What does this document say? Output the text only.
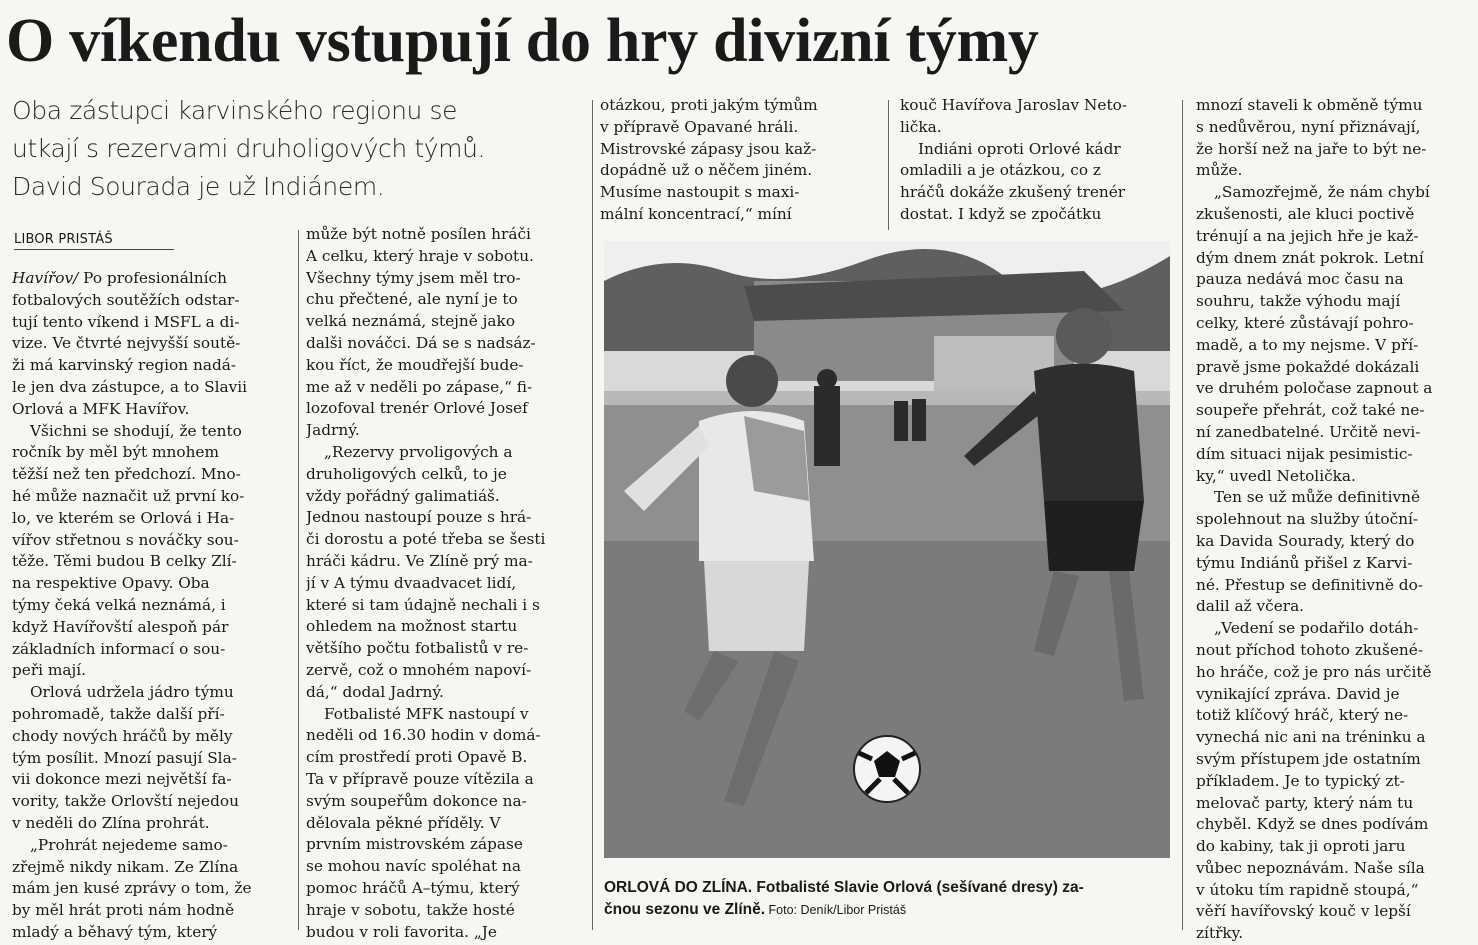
O víkendu vstupují do hry divizní týmy
Oba zástupci karvinského regionu se
utkají s rezervami druholigových týmů.
David Sourada je už Indiánem.
LIBOR PRISTÁŠ
Havířov/ Po profesionálních
fotbalových soutěžích odstar-
tují tento víkend i MSFL a di-
vize. Ve čtvrté nejvyšší soutě-
ži má karvinský region nadá-
le jen dva zástupce, a to Slavii
Orlová a MFK Havířov.
Všichni se shodují, že tento
ročník by měl být mnohem
těžší než ten předchozí. Mno-
hé může naznačit už první ko-
lo, ve kterém se Orlová i Ha-
vířov střetnou s nováčky sou-
těže. Těmi budou B celky Zlí-
na respektive Opavy. Oba
týmy čeká velká neznámá, i
když Havířovští alespoň pár
základních informací o sou-
peři mají.
Orlová udržela jádro týmu
pohromadě, takže další pří-
chody nových hráčů by měly
tým posílit. Mnozí pasují Sla-
vii dokonce mezi největší fa-
vority, takže Orlovští nejedou
v neděli do Zlína prohrát.
„Prohrát nejedeme samo-
zřejmě nikdy nikam. Ze Zlína
mám jen kusé zprávy o tom, že
by měl hrát proti nám hodně
mladý a běhavý tým, který
může být notně posílen hráči
A celku, který hraje v sobotu.
Všechny týmy jsem měl tro-
chu přečtené, ale nyní je to
velká neznámá, stejně jako
dalši nováčci. Dá se s nadsáz-
kou říct, že moudřejší bude-
me až v neděli po zápase,“ fi-
lozofoval trenér Orlové Josef
Jadrný.
„Rezervy prvoligových a
druholigových celků, to je
vždy pořádný galimatiáš.
Jednou nastoupí pouze s hrá-
či dorostu a poté třeba se šesti
hráči kádru. Ve Zlíně prý ma-
jí v A týmu dvaadvacet lidí,
které si tam údajně nechali i s
ohledem na možnost startu
většího počtu fotbalistů v re-
zervě, což o mnohém napoví-
dá,“ dodal Jadrný.
Fotbalisté MFK nastoupí v
neděli od 16.30 hodin v domá-
cím prostředí proti Opavě B.
Ta v přípravě pouze vítězila a
svým soupeřům dokonce na-
dělovala pěkné příděly. V
prvním mistrovském zápase
se mohou navíc spoléhat na
pomoc hráčů A–týmu, který
hraje v sobotu, takže hosté
budou v roli favorita. „Je
otázkou, proti jakým týmům
v přípravě Opavané hráli.
Mistrovské zápasy jsou kaž-
dopádně už o něčem jiném.
Musíme nastoupit s maxi-
mální koncentrací,“ míní
kouč Havířova Jaroslav Neto-
lička.
Indiáni oproti Orlové kádr
omladili a je otázkou, co z
hráčů dokáže zkušený trenér
dostat. I když se zpočátku
mnozí staveli k obměně týmu
s nedůvěrou, nyní přiznávají,
že horší než na jaře to být ne-
může.
„Samozřejmě, že nám chybí
zkušenosti, ale kluci poctivě
trénují a na jejich hře je kaž-
dým dnem znát pokrok. Letní
pauza nedává moc času na
souhru, takže výhodu mají
celky, které zůstávají pohro-
madě, a to my nejsme. V pří-
pravě jsme pokaždé dokázali
ve druhém poločase zapnout a
soupeře přehrát, což také ne-
ní zanedbatelné. Určitě nevi-
dím situaci nijak pesimistic-
ky,“ uvedl Netolička.
Ten se už může definitivně
spolehnout na služby útoční-
ka Davida Sourady, který do
týmu Indiánů přišel z Karvi-
né. Přestup se definitivně do-
dalil až včera.
„Vedení se podařilo dotáh-
nout příchod tohoto zkušené-
ho hráče, což je pro nás určitě
vynikající zpráva. David je
totiž klíčový hráč, který ne-
vynechá nic ani na tréninku a
svým přístupem jde ostatním
příkladem. Je to typický zt-
melovač party, který nám tu
chyběl. Když se dnes podívám
do kabiny, tak ji oproti jaru
vůbec nepoznávám. Naše síla
v útoku tím rapidně stoupá,“
věří havířovský kouč v lepší
zítřky.
ORLOVÁ DO ZLÍNA. Fotbalisté Slavie Orlová (sešívané dresy) za-
čnou sezonu ve Zlíně. Foto: Deník/Libor Pristáš
